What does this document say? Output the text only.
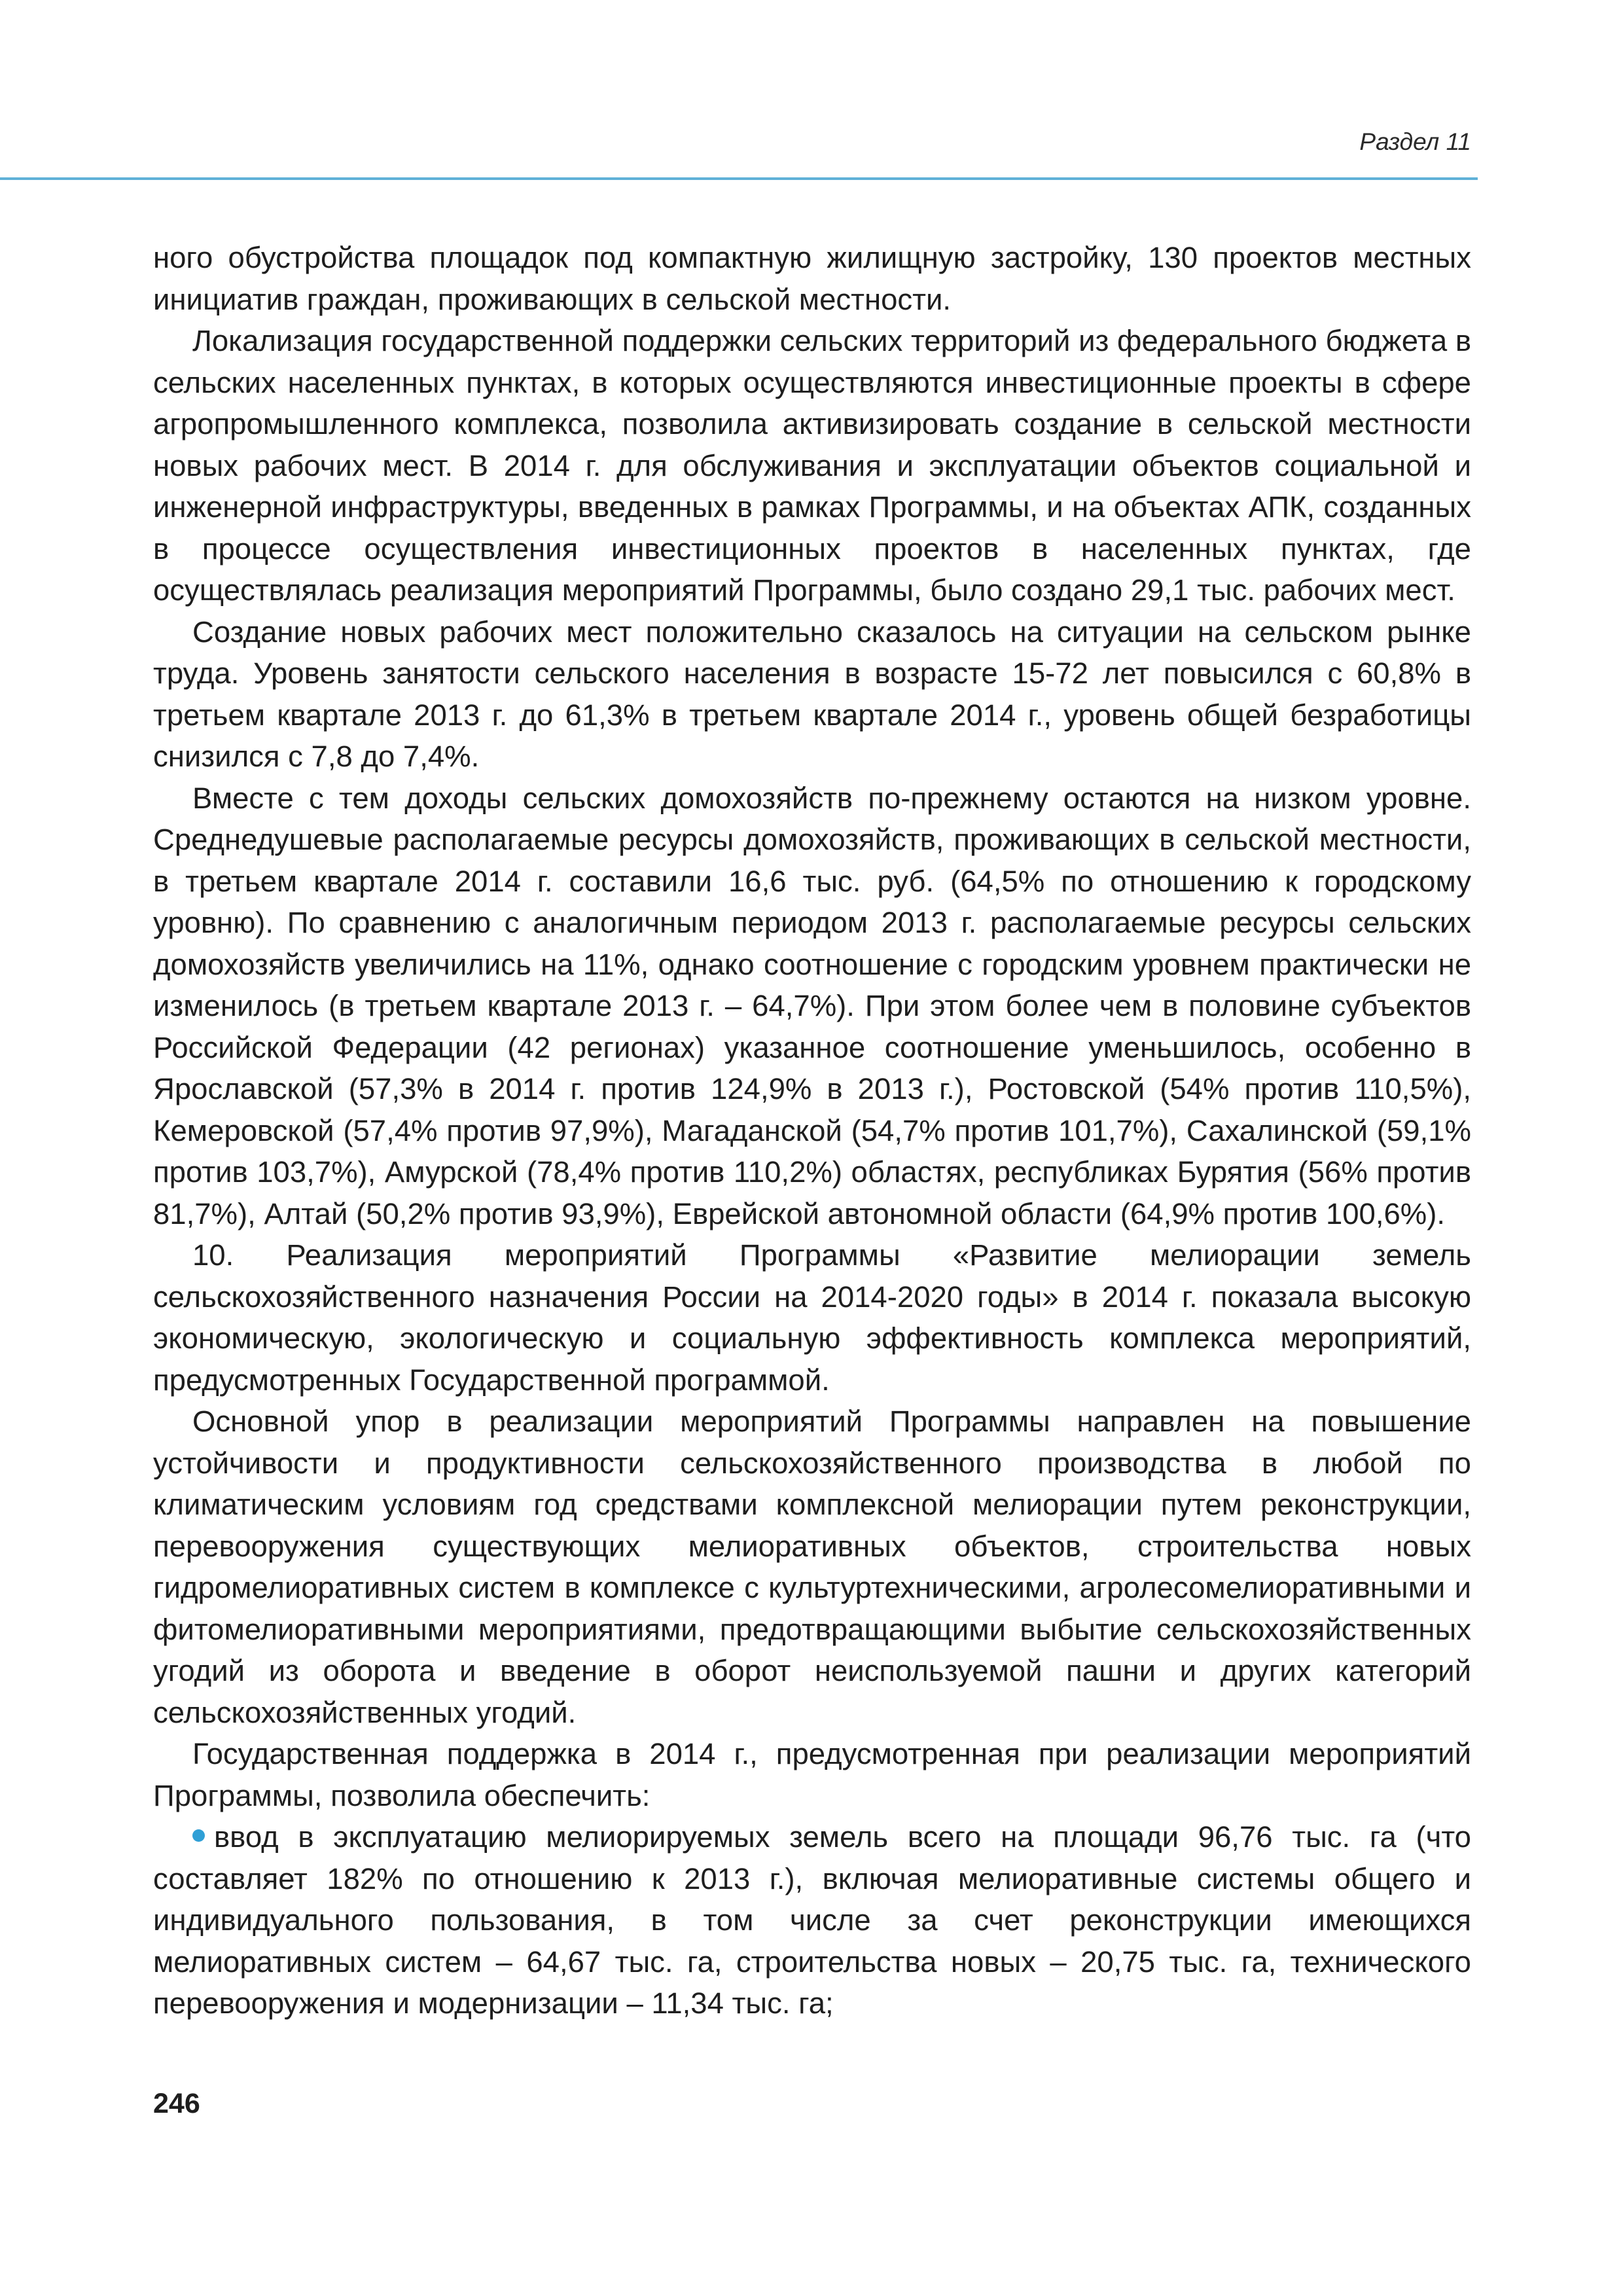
Раздел 11

ного обустройства площадок под компактную жилищную застройку, 130 проектов местных инициатив граждан, проживающих в сельской местности.

Локализация государственной поддержки сельских территорий из федерального бюджета в сельских населенных пунктах, в которых осуществляются инвестиционные проекты в сфере агропромышленного комплекса, позволила активизировать создание в сельской местности новых рабочих мест. В 2014 г. для обслуживания и эксплуатации объектов социальной и инженерной инфраструктуры, введенных в рамках Программы, и на объектах АПК, созданных в процессе осуществления инвестиционных проектов в населенных пунктах, где осуществлялась реализация мероприятий Программы, было создано 29,1 тыс. рабочих мест.

Создание новых рабочих мест положительно сказалось на ситуации на сельском рынке труда. Уровень занятости сельского населения в возрасте 15-72 лет повысился с 60,8% в третьем квартале 2013 г. до 61,3% в третьем квартале 2014 г., уровень общей безработицы снизился с 7,8 до 7,4%.

Вместе с тем доходы сельских домохозяйств по-прежнему остаются на низком уровне. Среднедушевые располагаемые ресурсы домохозяйств, проживающих в сельской местности, в третьем квартале 2014 г. составили 16,6 тыс. руб. (64,5% по отношению к городскому уровню). По сравнению с аналогичным периодом 2013 г. располагаемые ресурсы сельских домохозяйств увеличились на 11%, однако соотношение с городским уровнем практически не изменилось (в третьем квартале 2013 г. – 64,7%). При этом более чем в половине субъектов Российской Федерации (42 регионах) указанное соотношение уменьшилось, особенно в Ярославской (57,3% в 2014 г. против 124,9% в 2013 г.), Ростовской (54% против 110,5%), Кемеровской (57,4% против 97,9%), Магаданской (54,7% против 101,7%), Сахалинской (59,1% против 103,7%), Амурской (78,4% против 110,2%) областях, республиках Бурятия (56% против 81,7%), Алтай (50,2% против 93,9%), Еврейской автономной области (64,9% против 100,6%).

10. Реализация мероприятий Программы «Развитие мелиорации земель сельскохозяйственного назначения России на 2014-2020 годы» в 2014 г. показала высокую экономическую, экологическую и социальную эффективность комплекса мероприятий, предусмотренных Государственной программой.

Основной упор в реализации мероприятий Программы направлен на повышение устойчивости и продуктивности сельскохозяйственного производства в любой по климатическим условиям год средствами комплексной мелиорации путем реконструкции, перевооружения существующих мелиоративных объектов, строительства новых гидромелиоративных систем в комплексе с культуртехническими, агролесомелиоративными и фитомелиоративными мероприятиями, предотвращающими выбытие сельскохозяйственных угодий из оборота и введение в оборот неиспользуемой пашни и других категорий сельскохозяйственных угодий.

Государственная поддержка в 2014 г., предусмотренная при реализации мероприятий Программы, позволила обеспечить:

ввод в эксплуатацию мелиорируемых земель всего на площади 96,76 тыс. га (что составляет 182% по отношению к 2013 г.), включая мелиоративные системы общего и индивидуального пользования, в том числе за счет реконструкции имеющихся мелиоративных систем – 64,67 тыс. га, строительства новых – 20,75 тыс. га, технического перевооружения и модернизации – 11,34 тыс. га;

246
